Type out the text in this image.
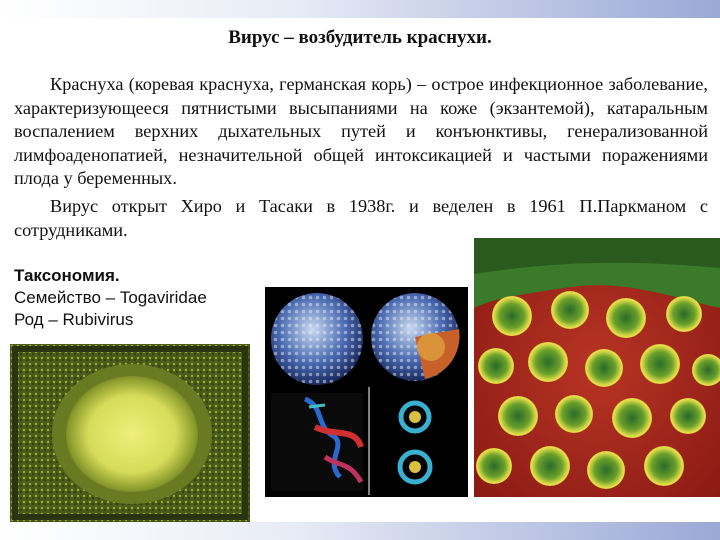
Вирус – возбудитель краснухи.

Краснуха (коревая краснуха, германская корь) – острое инфекционное заболевание, характеризующееся пятнистыми высыпаниями на коже (экзантемой), катаральным воспалением верхних дыхательных путей и конъюнктивы, генерализованной лимфоаденопатией, незначительной общей интоксикацией и частыми поражениями плода у беременных.

Вирус открыт Хиро и Тасаки в 1938г. и веделен в 1961 П.Паркманом с сотрудниками.

Таксономия.
Семейство – Togaviridae
Род – Rubivirus
